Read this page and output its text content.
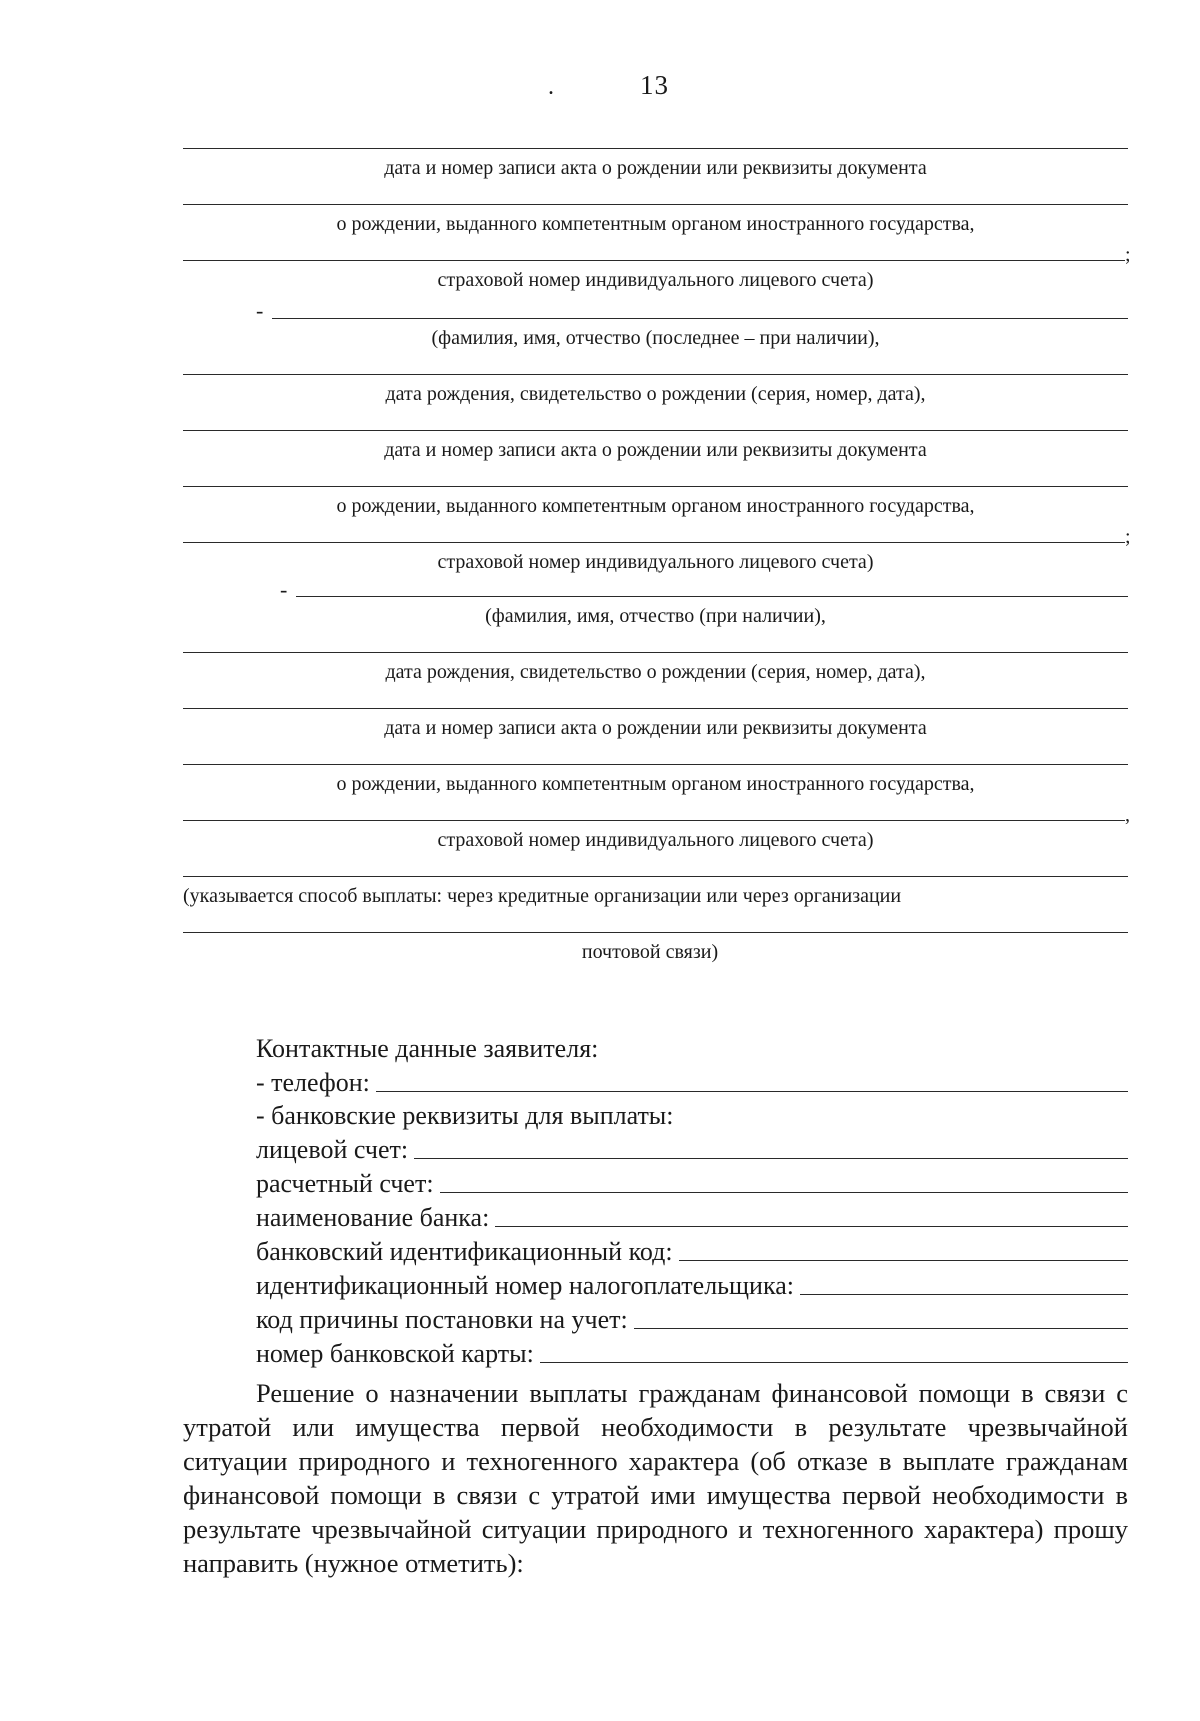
.	13
дата и номер записи акта о рождении или реквизиты документа
о рождении, выданного компетентным органом иностранного государства,
;
страховой номер индивидуального лицевого счета)
-
(фамилия, имя, отчество (последнее – при наличии),
дата рождения, свидетельство о рождении (серия, номер, дата),
дата и номер записи акта о рождении или реквизиты документа
о рождении, выданного компетентным органом иностранного государства,
;
страховой номер индивидуального лицевого счета)
-
(фамилия, имя, отчество (при наличии),
дата рождения, свидетельство о рождении (серия, номер, дата),
дата и номер записи акта о рождении или реквизиты документа
о рождении, выданного компетентным органом иностранного государства,
,
страховой номер индивидуального лицевого счета)
(указывается способ выплаты: через кредитные организации или через организации
почтовой связи)
Контактные данные заявителя:
- телефон:
- банковские реквизиты для выплаты:
лицевой счет:
расчетный счет:
наименование банка:
банковский идентификационный код:
идентификационный номер налогоплательщика:
код причины постановки на учет:
номер банковской карты:

Решение о назначении выплаты гражданам финансовой помощи в связи с утратой или имущества первой необходимости в результате чрезвычайной ситуации природного и техногенного характера (об отказе в выплате гражданам финансовой помощи в связи с утратой ими имущества первой необходимости в результате чрезвычайной ситуации природного и техногенного характера) прошу направить (нужное отметить):
